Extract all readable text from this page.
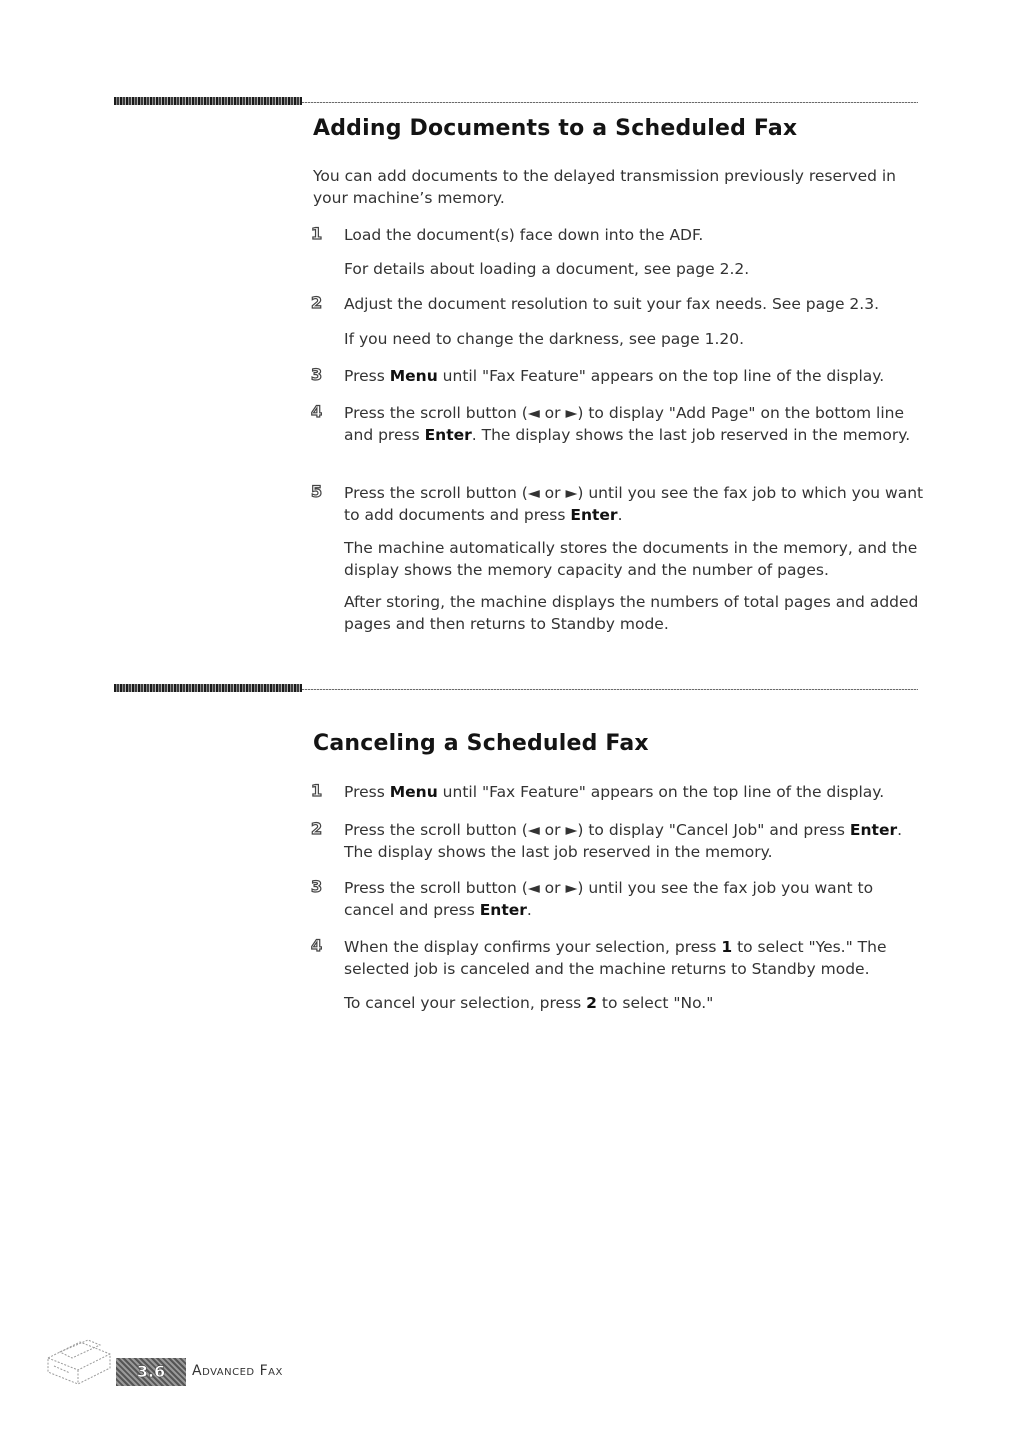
Adding Documents to a Scheduled Fax

You can add documents to the delayed transmission previously reserved in your machine’s memory.

1 Load the document(s) face down into the ADF.

For details about loading a document, see page 2.2.

2 Adjust the document resolution to suit your fax needs. See page 2.3.

If you need to change the darkness, see page 1.20.

3 Press Menu until "Fax Feature" appears on the top line of the display.

4 Press the scroll button (◄ or ►) to display "Add Page" on the bottom line and press Enter. The display shows the last job reserved in the memory.

5 Press the scroll button (◄ or ►) until you see the fax job to which you want to add documents and press Enter.

The machine automatically stores the documents in the memory, and the display shows the memory capacity and the number of pages.

After storing, the machine displays the numbers of total pages and added pages and then returns to Standby mode.

Canceling a Scheduled Fax
1 Press Menu until "Fax Feature" appears on the top line of the display.

2 Press the scroll button (◄ or ►) to display "Cancel Job" and press Enter. The display shows the last job reserved in the memory.

3 Press the scroll button (◄ or ►) until you see the fax job you want to cancel and press Enter.

4 When the display confirms your selection, press 1 to select "Yes." The selected job is canceled and the machine returns to Standby mode.

To cancel your selection, press 2 to select "No."

3.6	Advanced Fax
